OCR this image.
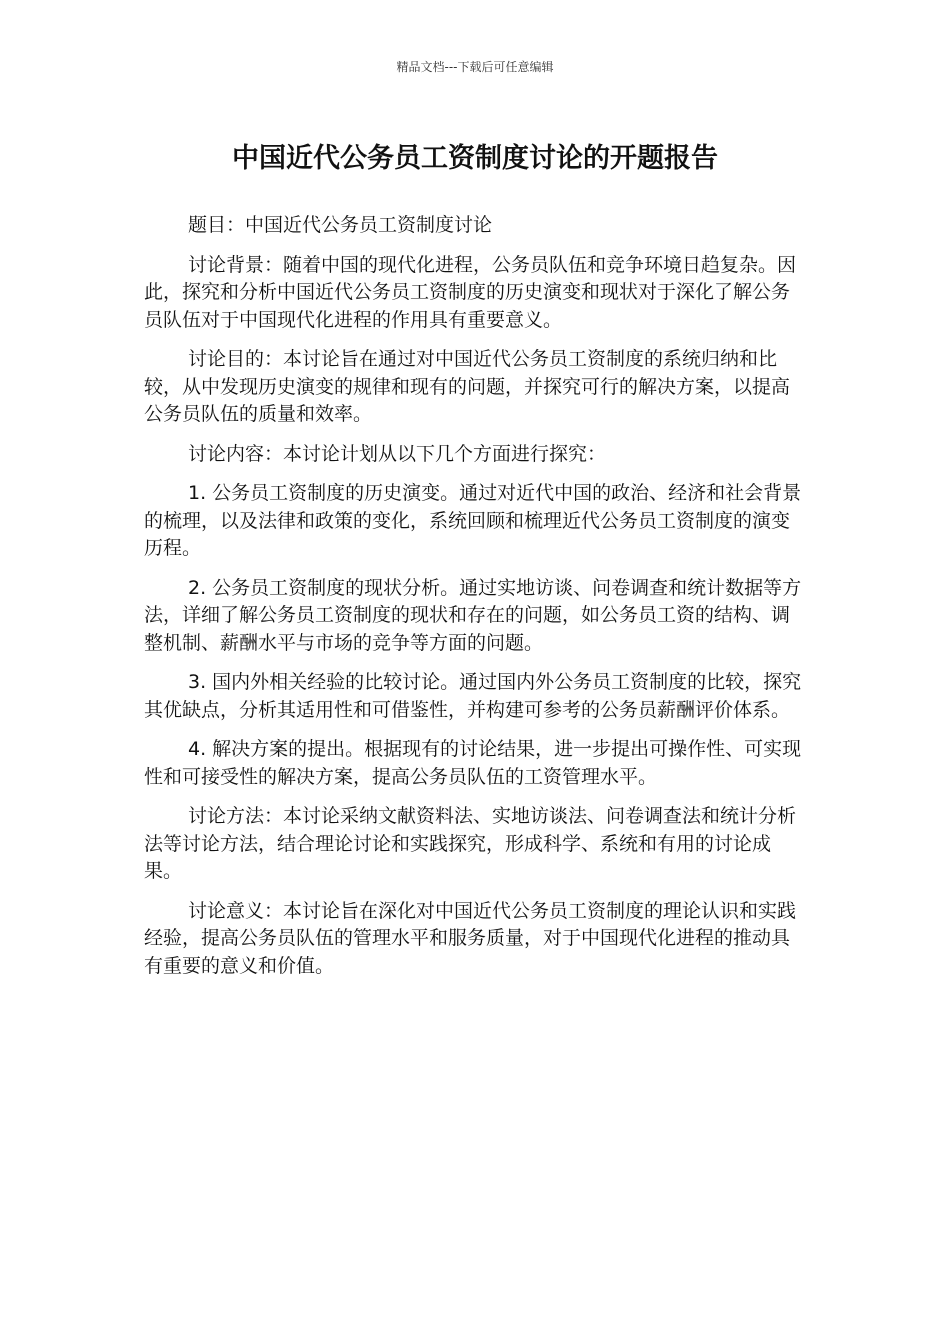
精品文档---下载后可任意编辑
中国近代公务员工资制度讨论的开题报告

题目：中国近代公务员工资制度讨论

讨论背景：随着中国的现代化进程，公务员队伍和竞争环境日趋复杂。因此，探究和分析中国近代公务员工资制度的历史演变和现状对于深化了解公务员队伍对于中国现代化进程的作用具有重要意义。

讨论目的：本讨论旨在通过对中国近代公务员工资制度的系统归纳和比较，从中发现历史演变的规律和现有的问题，并探究可行的解决方案，以提高公务员队伍的质量和效率。

讨论内容：本讨论计划从以下几个方面进行探究：

1. 公务员工资制度的历史演变。通过对近代中国的政治、经济和社会背景的梳理，以及法律和政策的变化，系统回顾和梳理近代公务员工资制度的演变历程。

2. 公务员工资制度的现状分析。通过实地访谈、问卷调查和统计数据等方法，详细了解公务员工资制度的现状和存在的问题，如公务员工资的结构、调整机制、薪酬水平与市场的竞争等方面的问题。

3. 国内外相关经验的比较讨论。通过国内外公务员工资制度的比较，探究其优缺点，分析其适用性和可借鉴性，并构建可参考的公务员薪酬评价体系。

4. 解决方案的提出。根据现有的讨论结果，进一步提出可操作性、可实现性和可接受性的解决方案，提高公务员队伍的工资管理水平。

讨论方法：本讨论采纳文献资料法、实地访谈法、问卷调查法和统计分析法等讨论方法，结合理论讨论和实践探究，形成科学、系统和有用的讨论成果。

讨论意义：本讨论旨在深化对中国近代公务员工资制度的理论认识和实践经验，提高公务员队伍的管理水平和服务质量，对于中国现代化进程的推动具有重要的意义和价值。
